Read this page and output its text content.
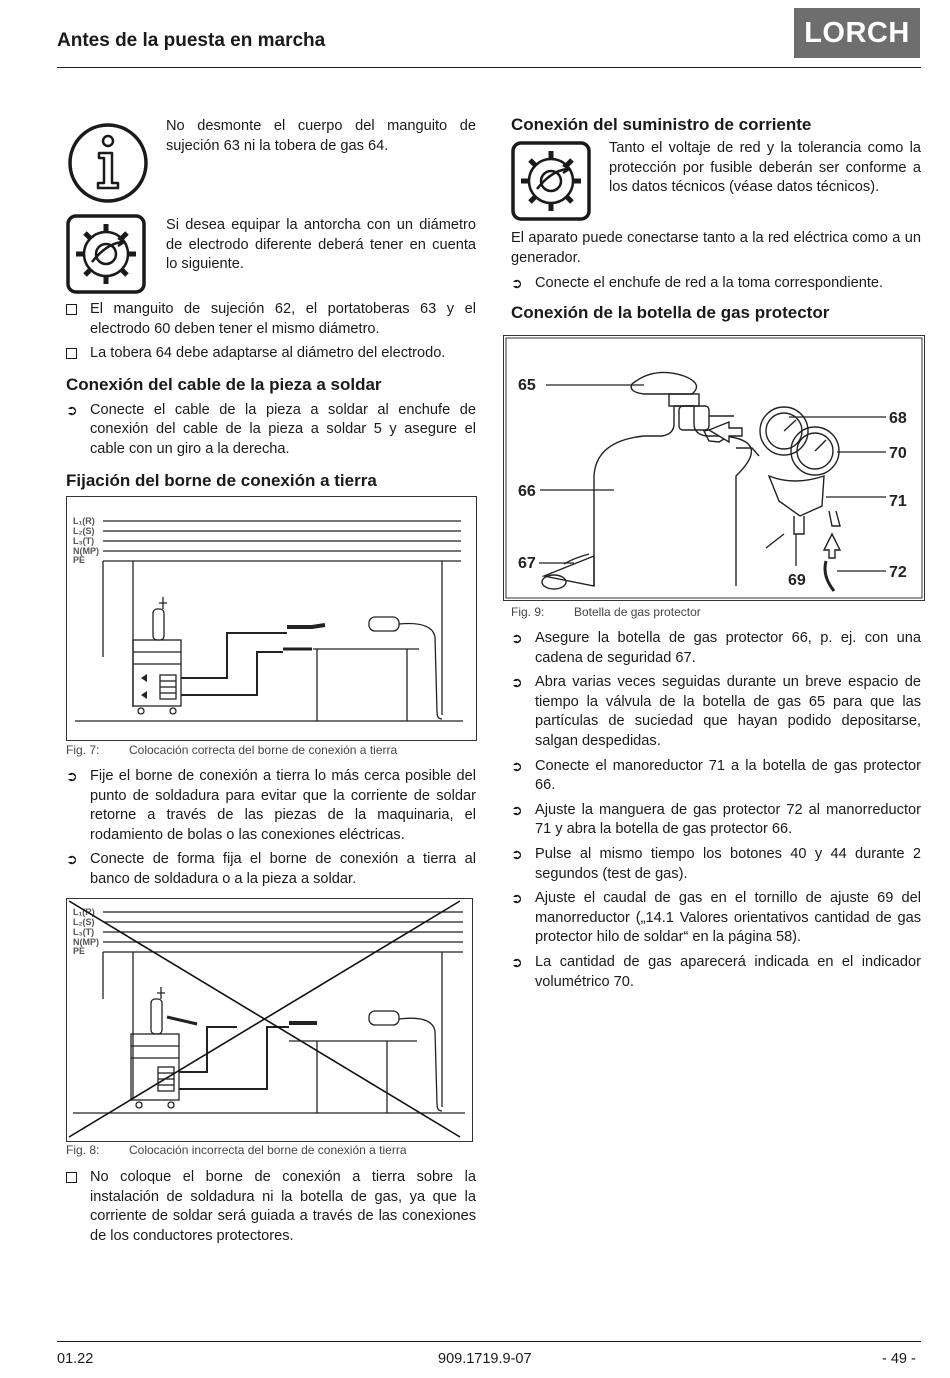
Antes de la puesta en marcha	LORCH
No desmonte el cuerpo del manguito de sujeción 63 ni la tobera de gas 64.
Si desea equipar la antorcha con un diámetro de electrodo diferente deberá tener en cuenta lo siguiente.
El manguito de sujeción 62, el portatoberas 63 y el electrodo 60 deben tener el mismo diámetro.
La tobera 64 debe adaptarse al diámetro del electrodo.
Conexión del cable de la pieza a soldar
➲ Conecte el cable de la pieza a soldar al enchufe de conexión del cable de la pieza a soldar 5 y asegure el cable con un giro a la derecha.
Fijación del borne de conexión a tierra
L₁(R)
L₂(S)
L₃(T)
N(MP)
PE
Fig. 7: Colocación correcta del borne de conexión a tierra
➲ Fije el borne de conexión a tierra lo más cerca posible del punto de soldadura para evitar que la corriente de soldar retorne a través de las piezas de la maquinaria, el rodamiento de bolas o las conexiones eléctricas.
➲ Conecte de forma fija el borne de conexión a tierra al banco de soldadura o a la pieza a soldar.
L₁(R)
L₂(S)
L₃(T)
N(MP)
PE
Fig. 8: Colocación incorrecta del borne de conexión a tierra
No coloque el borne de conexión a tierra sobre la instalación de soldadura ni la botella de gas, ya que la corriente de soldar será guiada a través de las conexiones de los conductores protectores.
Conexión del suministro de corriente
Tanto el voltaje de red y la tolerancia como la protección por fusible deberán ser conforme a los datos técnicos (véase datos técnicos).

El aparato puede conectarse tanto a la red eléctrica como a un generador.

➲ Conecte el enchufe de red a la toma correspondiente.
Conexión de la botella de gas protector
65
66
67
68
70
71
69	72
Fig. 9: Botella de gas protector
➲ Asegure la botella de gas protector 66, p. ej. con una cadena de seguridad 67.
➲ Abra varias veces seguidas durante un breve espacio de tiempo la válvula de la botella de gas 65 para que las partículas de suciedad que hayan podido depositarse, salgan despedidas.
➲ Conecte el manoreductor 71 a la botella de gas protector 66.
➲ Ajuste la manguera de gas protector 72 al manorreductor 71 y abra la botella de gas protector 66.
➲ Pulse al mismo tiempo los botones 40 y 44 durante 2 segundos (test de gas).
➲ Ajuste el caudal de gas en el tornillo de ajuste 69 del manorreductor („14.1 Valores orientativos cantidad de gas protector hilo de soldar“ en la página 58).
➲ La cantidad de gas aparecerá indicada en el indicador volumétrico 70.
01.22	909.1719.9-07	- 49 -
